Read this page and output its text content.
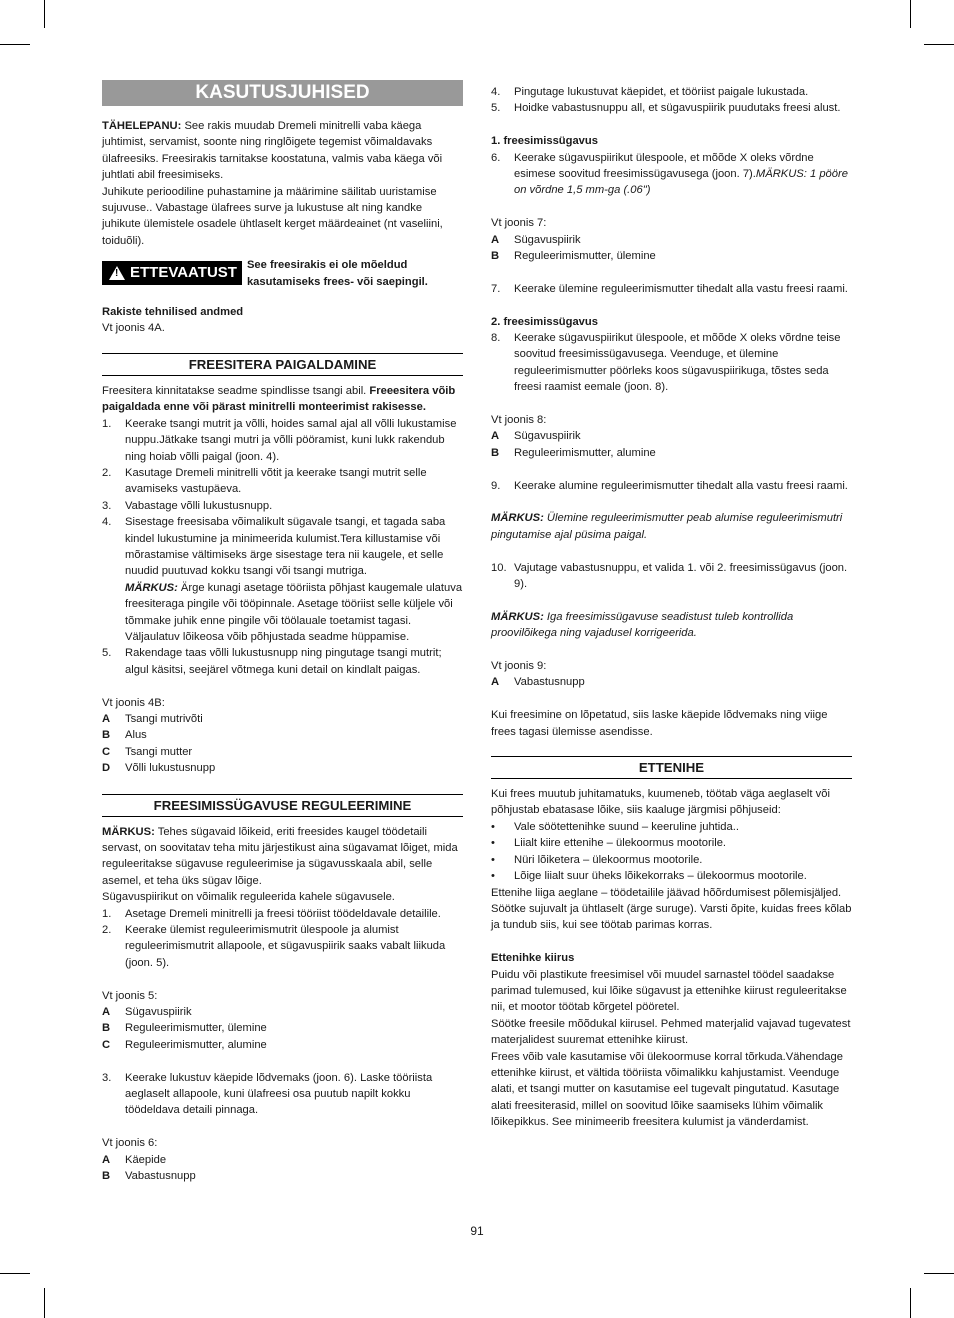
KASUTUSJUHISED

TÄHELEPANU: See rakis muudab Dremeli minitrelli vaba käega juhtimist, servamist, soonte ning ringlõigete tegemist võimaldavaks ülafreesiks. Freesirakis tarnitakse koostatuna, valmis vaba käega või juhtlati abil freesimiseks.

Juhikute perioodiline puhastamine ja määrimine säilitab uuristamise sujuvuse.. Vabastage ülafrees surve ja lukustuse alt ning kandke juhikute ülemistele osadele ühtlaselt kerget määrdeainet (nt vaseliini, toiduõli).

! ETTEVAATUST See freesirakis ei ole mõeldud kasutamiseks frees- või saepingil.

Rakiste tehnilised andmed

Vt joonis 4A.

FREESITERA PAIGALDAMINE

Freesitera kinnitatakse seadme spindlisse tsangi abil. Freeesitera võib paigaldada enne või pärast minitrelli monteerimist rakisesse.

1.	Keerake tsangi mutrit ja võlli, hoides samal ajal all võlli lukustamise nuppu.Jätkake tsangi mutri ja võlli pööramist, kuni lukk rakendub ning hoiab võlli paigal (joon. 4).
2.	Kasutage Dremeli minitrelli võtit ja keerake tsangi mutrit selle avamiseks vastupäeva.
3.	Vabastage võlli lukustusnupp.
4.	Sisestage freesisaba võimalikult sügavale tsangi, et tagada saba kindel lukustumine ja minimeerida kulumist.Tera killustamise või mõrastamise vältimiseks ärge sisestage tera nii kaugele, et selle nuudid puutuvad kokku tsangi või tsangi mutriga.
MÄRKUS: Ärge kunagi asetage tööriista põhjast kaugemale ulatuva freesiteraga pingile või tööpinnale. Asetage tööriist selle küljele või tõmmake juhik enne pingile või töölauale toetamist tagasi. Väljaulatuv lõikeosa võib põhjustada seadme hüppamise.
5.	Rakendage taas võlli lukustusnupp ning pingutage tsangi mutrit; algul käsitsi, seejärel võtmega kuni detail on kindlalt paigas.

Vt joonis 4B:

A	Tsangi mutrivõti
B	Alus
C	Tsangi mutter
D	Võlli lukustusnupp
FREESIMISSÜGAVUSE REGULEERIMINE

MÄRKUS: Tehes sügavaid lõikeid, eriti freesides kaugel töödetaili servast, on soovitatav teha mitu järjestikust aina sügavamat lõiget, mida reguleeritakse sügavuse reguleerimise ja sügavusskaala abil, selle asemel, et teha üks sügav lõige.

Sügavuspiirikut on võimalik reguleerida kahele sügavusele.

1.	Asetage Dremeli minitrelli ja freesi tööriist töödeldavale detailile.
2.	Keerake ülemist reguleerimismutrit ülespoole ja alumist reguleerimismutrit allapoole, et sügavuspiirik saaks vabalt liikuda (joon. 5).

Vt joonis 5:

A	Sügavuspiirik
B	Reguleerimismutter, ülemine
C	Reguleerimismutter, alumine
3.	Keerake lukustuv käepide lõdvemaks (joon. 6). Laske tööriista aeglaselt allapoole, kuni ülafreesi osa puutub napilt kokku töödeldava detaili pinnaga.

Vt joonis 6:

A	Käepide
B	Vabastusnupp
4.	Pingutage lukustuvat käepidet, et tööriist paigale lukustada.
5.	Hoidke vabastusnuppu all, et sügavuspiirik puudutaks freesi alust.

1. freesimissügavus

6.	Keerake sügavuspiirikut ülespoole, et mõõde X oleks võrdne esimese soovitud freesimissügavusega (joon. 7).MÄRKUS: 1 pööre on võrdne 1,5 mm-ga (.06")

Vt joonis 7:

A	Sügavuspiirik
B	Reguleerimismutter, ülemine
7.	Keerake ülemine reguleerimismutter tihedalt alla vastu freesi raami.

2. freesimissügavus

8.	Keerake sügavuspiirikut ülespoole, et mõõde X oleks võrdne teise soovitud freesimissügavusega. Veenduge, et ülemine reguleerimismutter pöörleks koos sügavuspiirikuga, tõstes seda freesi raamist eemale (joon. 8).

Vt joonis 8:

A	Sügavuspiirik
B	Reguleerimismutter, alumine
9.	Keerake alumine reguleerimismutter tihedalt alla vastu freesi raami.

MÄRKUS: Ülemine reguleerimismutter peab alumise reguleerimismutri pingutamise ajal püsima paigal.

10. Vajutage vabastusnuppu, et valida 1. või 2. freesimissügavus (joon. 9).

MÄRKUS: Iga freesimissügavuse seadistust tuleb kontrollida proovilõikega ning vajadusel korrigeerida.

Vt joonis 9:

A	Vabastusnupp

Kui freesimine on lõpetatud, siis laske käepide lõdvemaks ning viige frees tagasi ülemisse asendisse.

ETTENIHE

Kui frees muutub juhitamatuks, kuumeneb, töötab väga aeglaselt või põhjustab ebatasase lõike, siis kaaluge järgmisi põhjuseid:

•	Vale söötettenihke suund – keeruline juhtida..
•	Liialt kiire ettenihe – ülekoormus mootorile.
•	Nüri lõiketera – ülekoormus mootorile.
•	Lõige liialt suur üheks lõikekorraks – ülekoormus mootorile.

Ettenihe liiga aeglane – töödetailile jäävad hõõrdumisest põlemisjäljed. Söötke sujuvalt ja ühtlaselt (ärge suruge). Varsti õpite, kuidas frees kõlab ja tundub siis, kui see töötab parimas korras.

Ettenihke kiirus

Puidu või plastikute freesimisel või muudel sarnastel töödel saadakse parimad tulemused, kui lõike sügavust ja ettenihke kiirust reguleeritakse nii, et mootor töötab kõrgetel pööretel.

Söötke freesile mõõdukal kiirusel. Pehmed materjalid vajavad tugevatest materjalidest suuremat ettenihke kiirust.

Frees võib vale kasutamise või ülekoormuse korral tõrkuda.Vähendage ettenihke kiirust, et vältida tööriista võimalikku kahjustamist. Veenduge alati, et tsangi mutter on kasutamise eel tugevalt pingutatud. Kasutage alati freesiterasid, millel on soovitud lõike saamiseks lühim võimalik lõikepikkus. See minimeerib freesitera kulumist ja vänderdamist.

91
